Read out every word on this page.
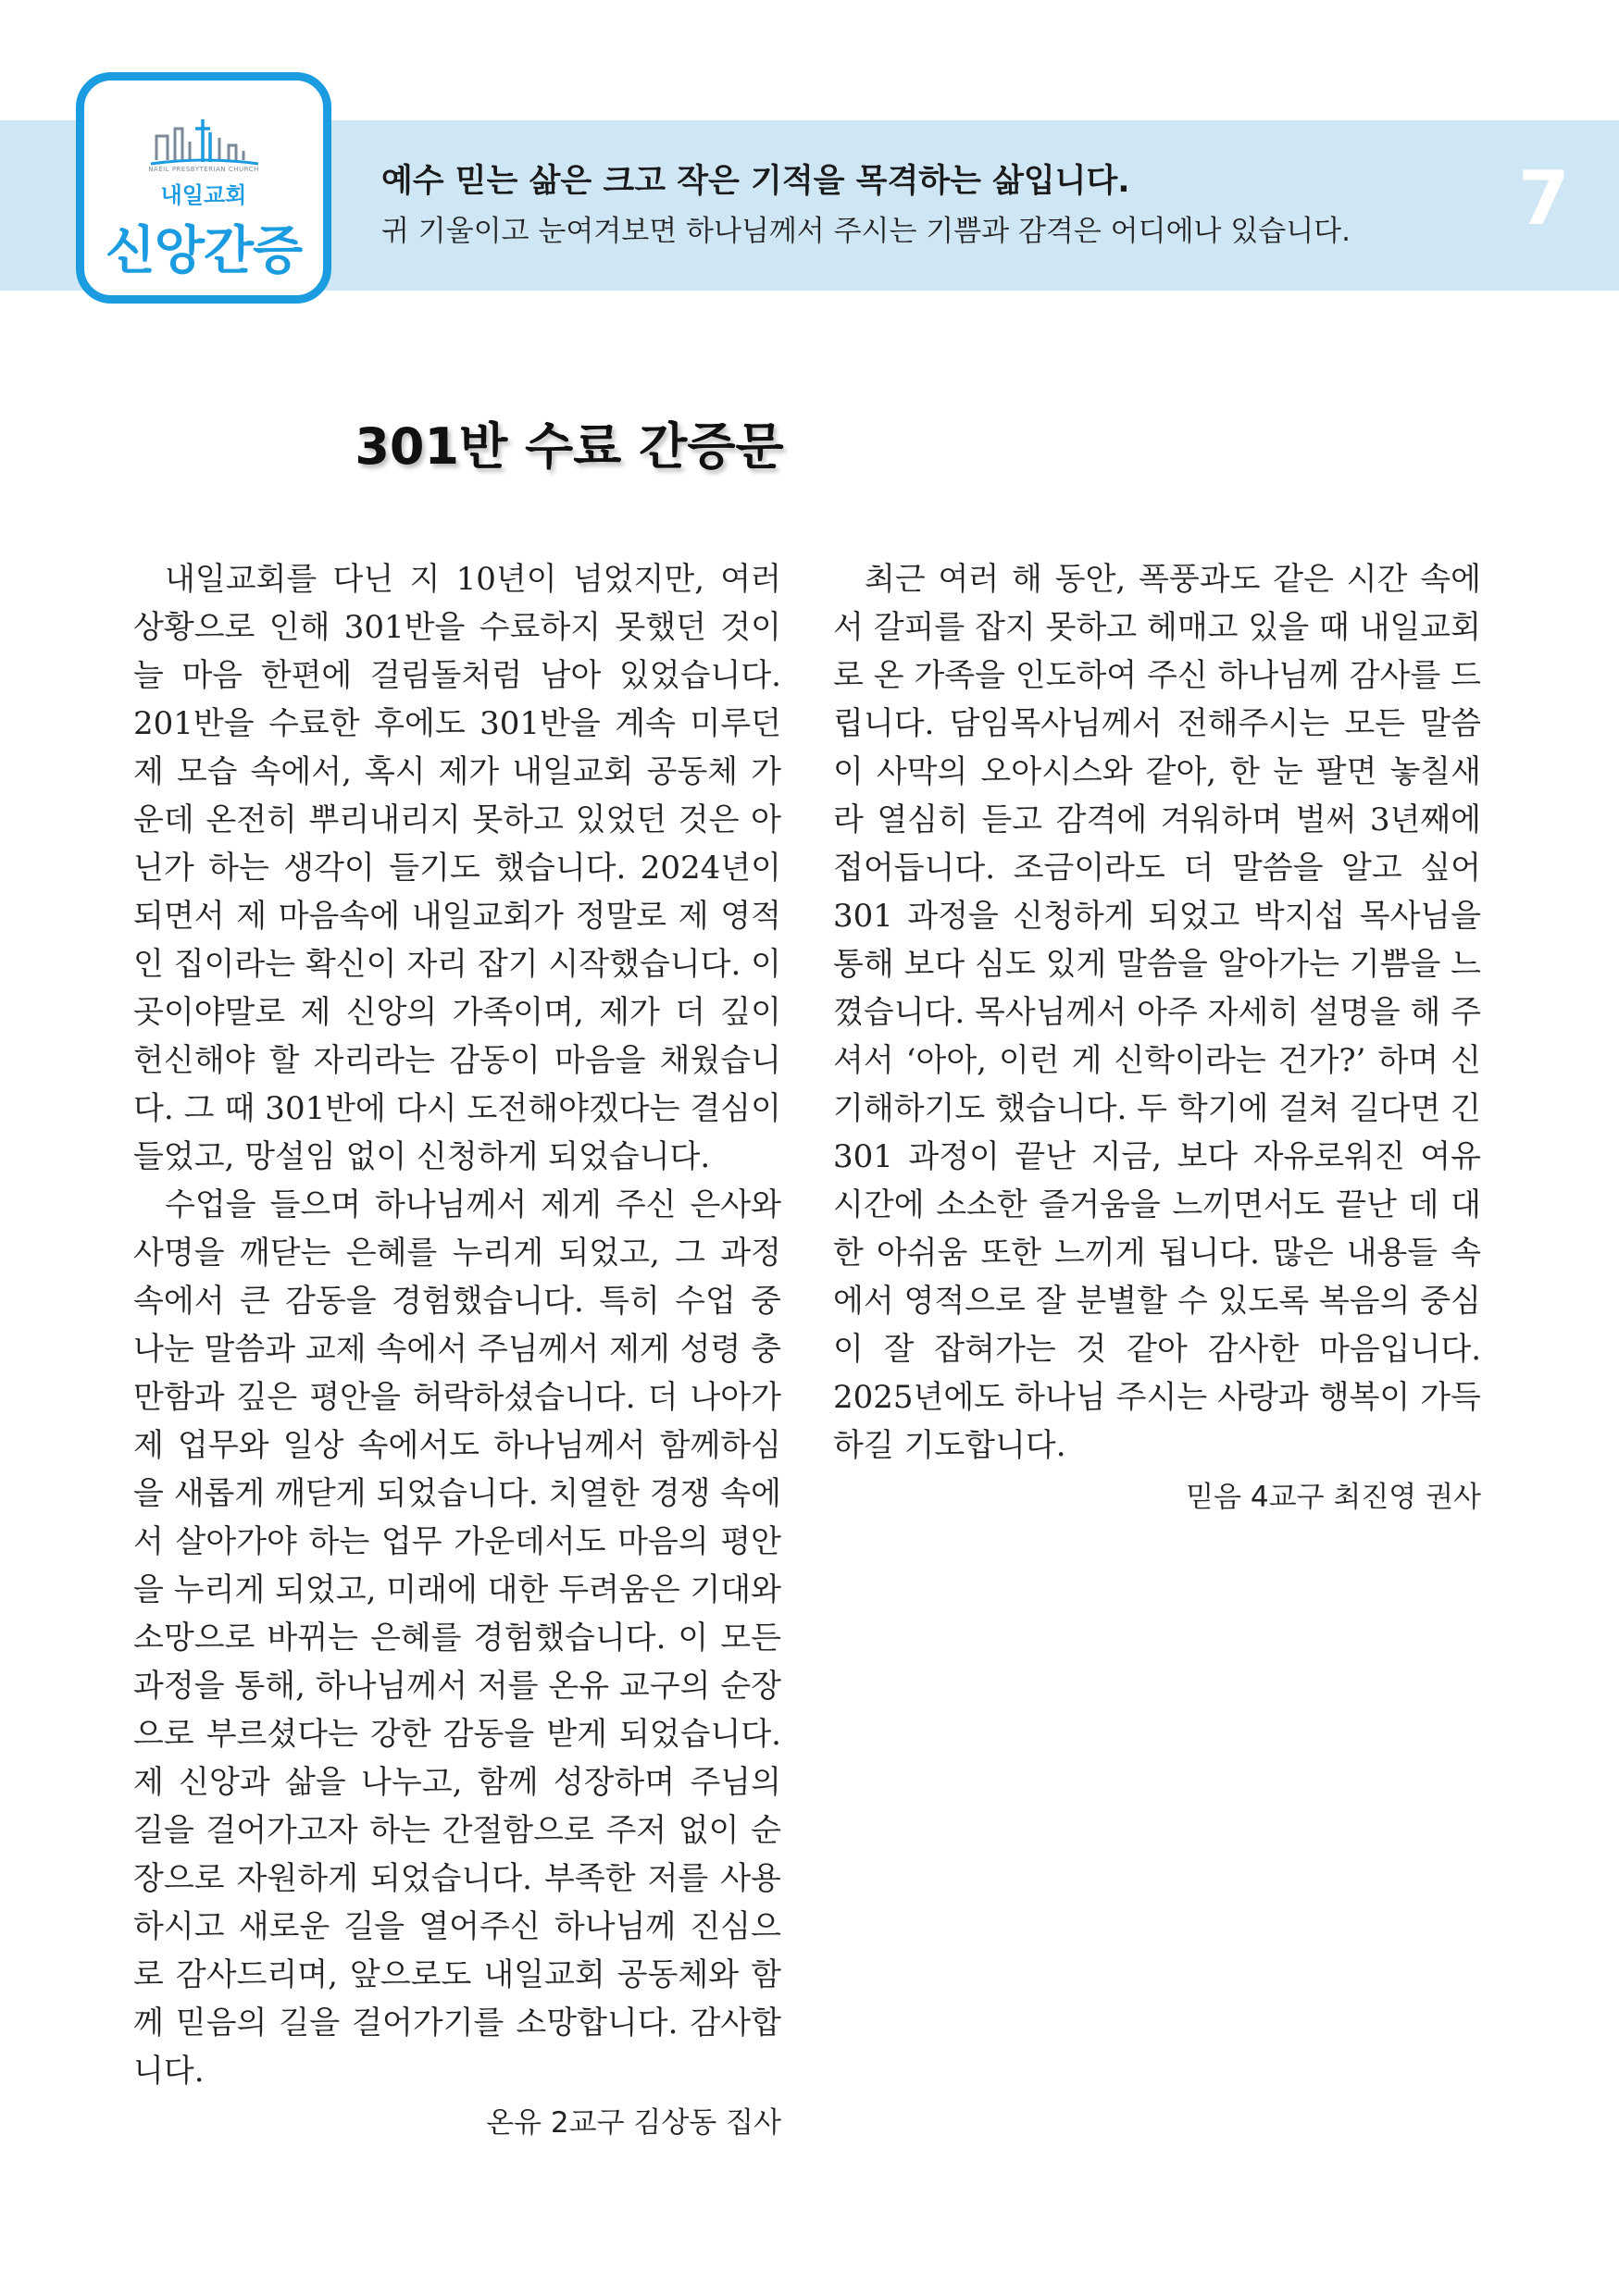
NAEIL PRESBYTERIAN CHURCH
내일교회
신앙간증
예수 믿는 삶은 크고 작은 기적을 목격하는 삶입니다.
귀 기울이고 눈여겨보면 하나님께서 주시는 기쁨과 감격은 어디에나 있습니다. 7
301반 수료 간증문

내일교회를 다닌 지 10년이 넘었지만, 여러 상황으로 인해 301반을 수료하지 못했던 것이 늘 마음 한편에 걸림돌처럼 남아 있었습니다. 201반을 수료한 후에도 301반을 계속 미루던 제 모습 속에서, 혹시 제가 내일교회 공동체 가운데 온전히 뿌리내리지 못하고 있었던 것은 아닌가 하는 생각이 들기도 했습니다. 2024년이 되면서 제 마음속에 내일교회가 정말로 제 영적인 집이라는 확신이 자리 잡기 시작했습니다. 이 곳이야말로 제 신앙의 가족이며, 제가 더 깊이 헌신해야 할 자리라는 감동이 마음을 채웠습니다. 그 때 301반에 다시 도전해야겠다는 결심이 들었고, 망설임 없이 신청하게 되었습니다.

수업을 들으며 하나님께서 제게 주신 은사와 사명을 깨닫는 은혜를 누리게 되었고, 그 과정 속에서 큰 감동을 경험했습니다. 특히 수업 중 나눈 말씀과 교제 속에서 주님께서 제게 성령 충만함과 깊은 평안을 허락하셨습니다. 더 나아가 제 업무와 일상 속에서도 하나님께서 함께하심을 새롭게 깨닫게 되었습니다. 치열한 경쟁 속에서 살아가야 하는 업무 가운데서도 마음의 평안을 누리게 되었고, 미래에 대한 두려움은 기대와 소망으로 바뀌는 은혜를 경험했습니다. 이 모든 과정을 통해, 하나님께서 저를 온유 교구의 순장으로 부르셨다는 강한 감동을 받게 되었습니다. 제 신앙과 삶을 나누고, 함께 성장하며 주님의 길을 걸어가고자 하는 간절함으로 주저 없이 순장으로 자원하게 되었습니다. 부족한 저를 사용하시고 새로운 길을 열어주신 하나님께 진심으로 감사드리며, 앞으로도 내일교회 공동체와 함께 믿음의 길을 걸어가기를 소망합니다. 감사합니다.

온유 2교구 김상동 집사

최근 여러 해 동안, 폭풍과도 같은 시간 속에서 갈피를 잡지 못하고 헤매고 있을 때 내일교회로 온 가족을 인도하여 주신 하나님께 감사를 드립니다. 담임목사님께서 전해주시는 모든 말씀이 사막의 오아시스와 같아, 한 눈 팔면 놓칠새라 열심히 듣고 감격에 겨워하며 벌써 3년째에 접어듭니다. 조금이라도 더 말씀을 알고 싶어 301 과정을 신청하게 되었고 박지섭 목사님을 통해 보다 심도 있게 말씀을 알아가는 기쁨을 느꼈습니다. 목사님께서 아주 자세히 설명을 해 주셔서 ‘아아, 이런 게 신학이라는 건가?’ 하며 신기해하기도 했습니다. 두 학기에 걸쳐 길다면 긴 301 과정이 끝난 지금, 보다 자유로워진 여유 시간에 소소한 즐거움을 느끼면서도 끝난 데 대한 아쉬움 또한 느끼게 됩니다. 많은 내용들 속에서 영적으로 잘 분별할 수 있도록 복음의 중심이 잘 잡혀가는 것 같아 감사한 마음입니다. 2025년에도 하나님 주시는 사랑과 행복이 가득하길 기도합니다.

믿음 4교구 최진영 권사
